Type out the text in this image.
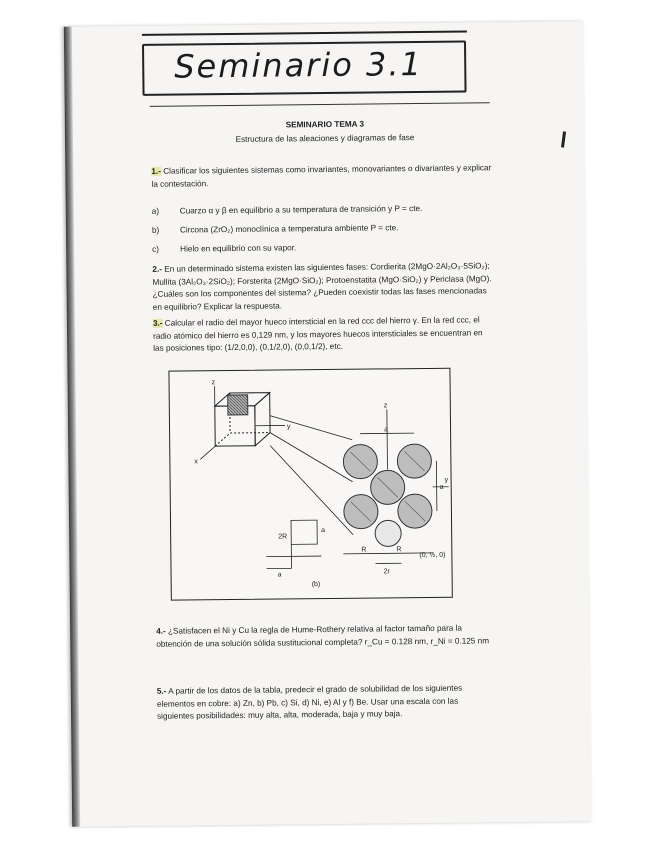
Seminario 3.1
SEMINARIO TEMA 3
Estructura de las aleaciones y diagramas de fase
1.- Clasificar los siguientes sistemas como invariantes, monovariantes o divariantes y explicar la contestación.
a)	Cuarzo α y β en equilibrio a su temperatura de transición y P = cte.
b)	Circona (ZrO₂) monoclínica a temperatura ambiente P = cte.
c)	Hielo en equilibrio con su vapor.
2.- En un determinado sistema existen las siguientes fases: Cordierita (2MgO·2Al₂O₃·5SiO₂); Mullita (3Al₂O₃·2SiO₂); Forsterita (2MgO·SiO₂); Protoenstatita (MgO·SiO₂) y Periclasa (MgO). ¿Cuáles son los componentes del sistema? ¿Pueden coexistir todas las fases mencionadas en equilibrio? Explicar la respuesta.
3.- Calcular el radio del mayor hueco intersticial en la red ccc del hierro γ. En la red ccc, el radio atómico del hierro es 0,129 nm, y los mayores huecos intersticiales se encuentran en las posiciones tipo: (1/2,0,0), (0,1/2,0), (0,0,1/2), etc.
z
y
x
a
a
R	R
2r
(0, ½, 0)
y
z
2R
a
a
(b)
4.- ¿Satisfacen el Ni y Cu la regla de Hume-Rothery relativa al factor tamaño para la obtención de una solución sólida sustitucional completa? r_Cu = 0.128 nm, r_Ni = 0.125 nm
5.- A partir de los datos de la tabla, predecir el grado de solubilidad de los siguientes elementos en cobre: a) Zn, b) Pb, c) Si, d) Ni, e) Al y f) Be. Usar una escala con las siguientes posibilidades: muy alta, alta, moderada, baja y muy baja.
